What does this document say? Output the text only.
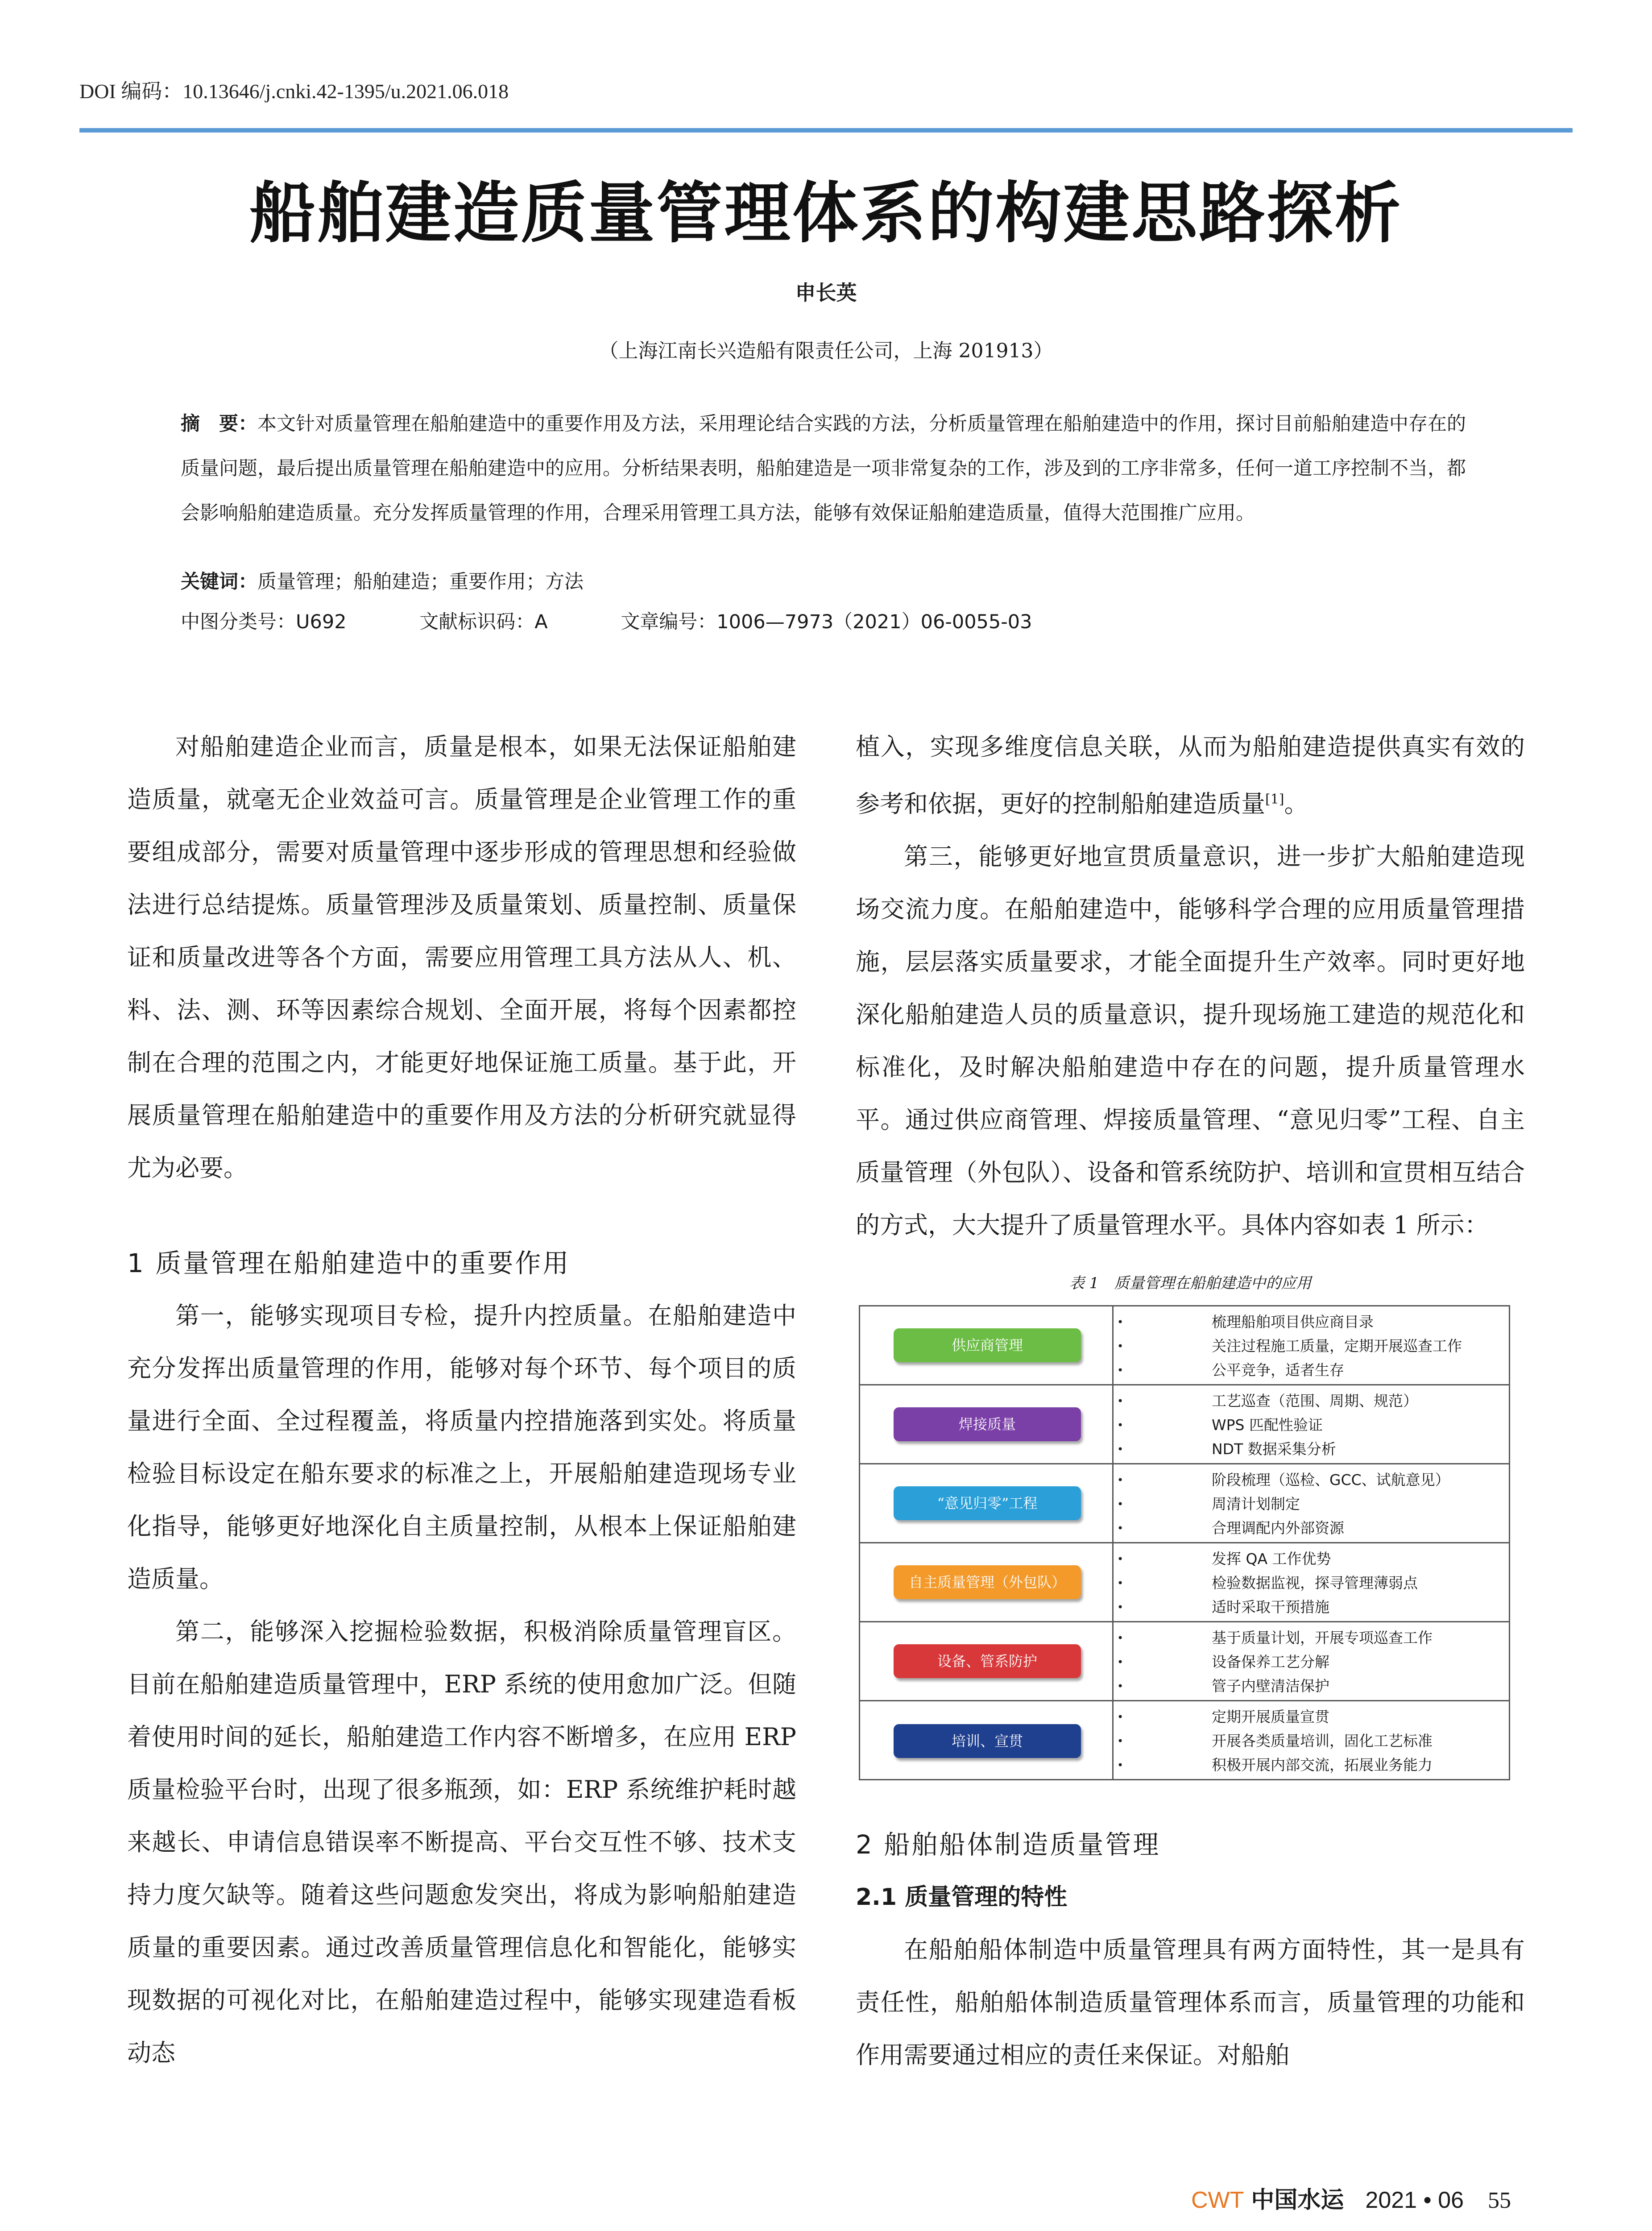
DOI 编码：10.13646/j.cnki.42-1395/u.2021.06.018
船舶建造质量管理体系的构建思路探析
申长英
（上海江南长兴造船有限责任公司，上海 201913）
摘　要：本文针对质量管理在船舶建造中的重要作用及方法，采用理论结合实践的方法，分析质量管理在船舶建造中的作用，探讨目前船舶建造中存在的质量问题，最后提出质量管理在船舶建造中的应用。分析结果表明，船舶建造是一项非常复杂的工作，涉及到的工序非常多，任何一道工序控制不当，都会影响船舶建造质量。充分发挥质量管理的作用，合理采用管理工具方法，能够有效保证船舶建造质量，值得大范围推广应用。
关键词：质量管理；船舶建造；重要作用；方法
中图分类号：U692	文献标识码：A	文章编号：1006—7973（2021）06-0055-03

对船舶建造企业而言，质量是根本，如果无法保证船舶建造质量，就毫无企业效益可言。质量管理是企业管理工作的重要组成部分，需要对质量管理中逐步形成的管理思想和经验做法进行总结提炼。质量管理涉及质量策划、质量控制、质量保证和质量改进等各个方面，需要应用管理工具方法从人、机、料、法、测、环等因素综合规划、全面开展，将每个因素都控制在合理的范围之内，才能更好地保证施工质量。基于此，开展质量管理在船舶建造中的重要作用及方法的分析研究就显得尤为必要。

1 质量管理在船舶建造中的重要作用

第一，能够实现项目专检，提升内控质量。在船舶建造中充分发挥出质量管理的作用，能够对每个环节、每个项目的质量进行全面、全过程覆盖，将质量内控措施落到实处。将质量检验目标设定在船东要求的标准之上，开展船舶建造现场专业化指导，能够更好地深化自主质量控制，从根本上保证船舶建造质量。

第二，能够深入挖掘检验数据，积极消除质量管理盲区。目前在船舶建造质量管理中，ERP 系统的使用愈加广泛。但随着使用时间的延长，船舶建造工作内容不断增多，在应用 ERP 质量检验平台时，出现了很多瓶颈，如：ERP 系统维护耗时越来越长、申请信息错误率不断提高、平台交互性不够、技术支持力度欠缺等。随着这些问题愈发突出，将成为影响船舶建造质量的重要因素。通过改善质量管理信息化和智能化，能够实现数据的可视化对比，在船舶建造过程中，能够实现建造看板动态

植入，实现多维度信息关联，从而为船舶建造提供真实有效的参考和依据，更好的控制船舶建造质量[1]。

第三，能够更好地宣贯质量意识，进一步扩大船舶建造现场交流力度。在船舶建造中，能够科学合理的应用质量管理措施，层层落实质量要求，才能全面提升生产效率。同时更好地深化船舶建造人员的质量意识，提升现场施工建造的规范化和标准化，及时解决船舶建造中存在的问题，提升质量管理水平。通过供应商管理、焊接质量管理、“意见归零”工程、自主质量管理（外包队）、设备和管系统防护、培训和宣贯相互结合的方式，大大提升了质量管理水平。具体内容如表 1 所示：

表 1　质量管理在船舶建造中的应用
供应商管理
•	梳理船舶项目供应商目录
•	关注过程施工质量，定期开展巡查工作
•	公平竞争，适者生存
焊接质量
•	工艺巡查（范围、周期、规范）
•	WPS 匹配性验证
•	NDT 数据采集分析
“意见归零”工程
•	阶段梳理（巡检、GCC、试航意见）
•	周清计划制定
•	合理调配内外部资源
自主质量管理（外包队）
•	发挥 QA 工作优势
•	检验数据监视，探寻管理薄弱点
•	适时采取干预措施
设备、管系防护
•	基于质量计划，开展专项巡查工作
•	设备保养工艺分解
•	管子内壁清洁保护
培训、宣贯
•	定期开展质量宣贯
•	开展各类质量培训，固化工艺标准
•	积极开展内部交流，拓展业务能力

2 船舶船体制造质量管理

2.1 质量管理的特性

在船舶船体制造中质量管理具有两方面特性，其一是具有责任性，船舶船体制造质量管理体系而言，质量管理的功能和作用需要通过相应的责任来保证。对船舶

CWT 中国水运 2021 • 06 55
